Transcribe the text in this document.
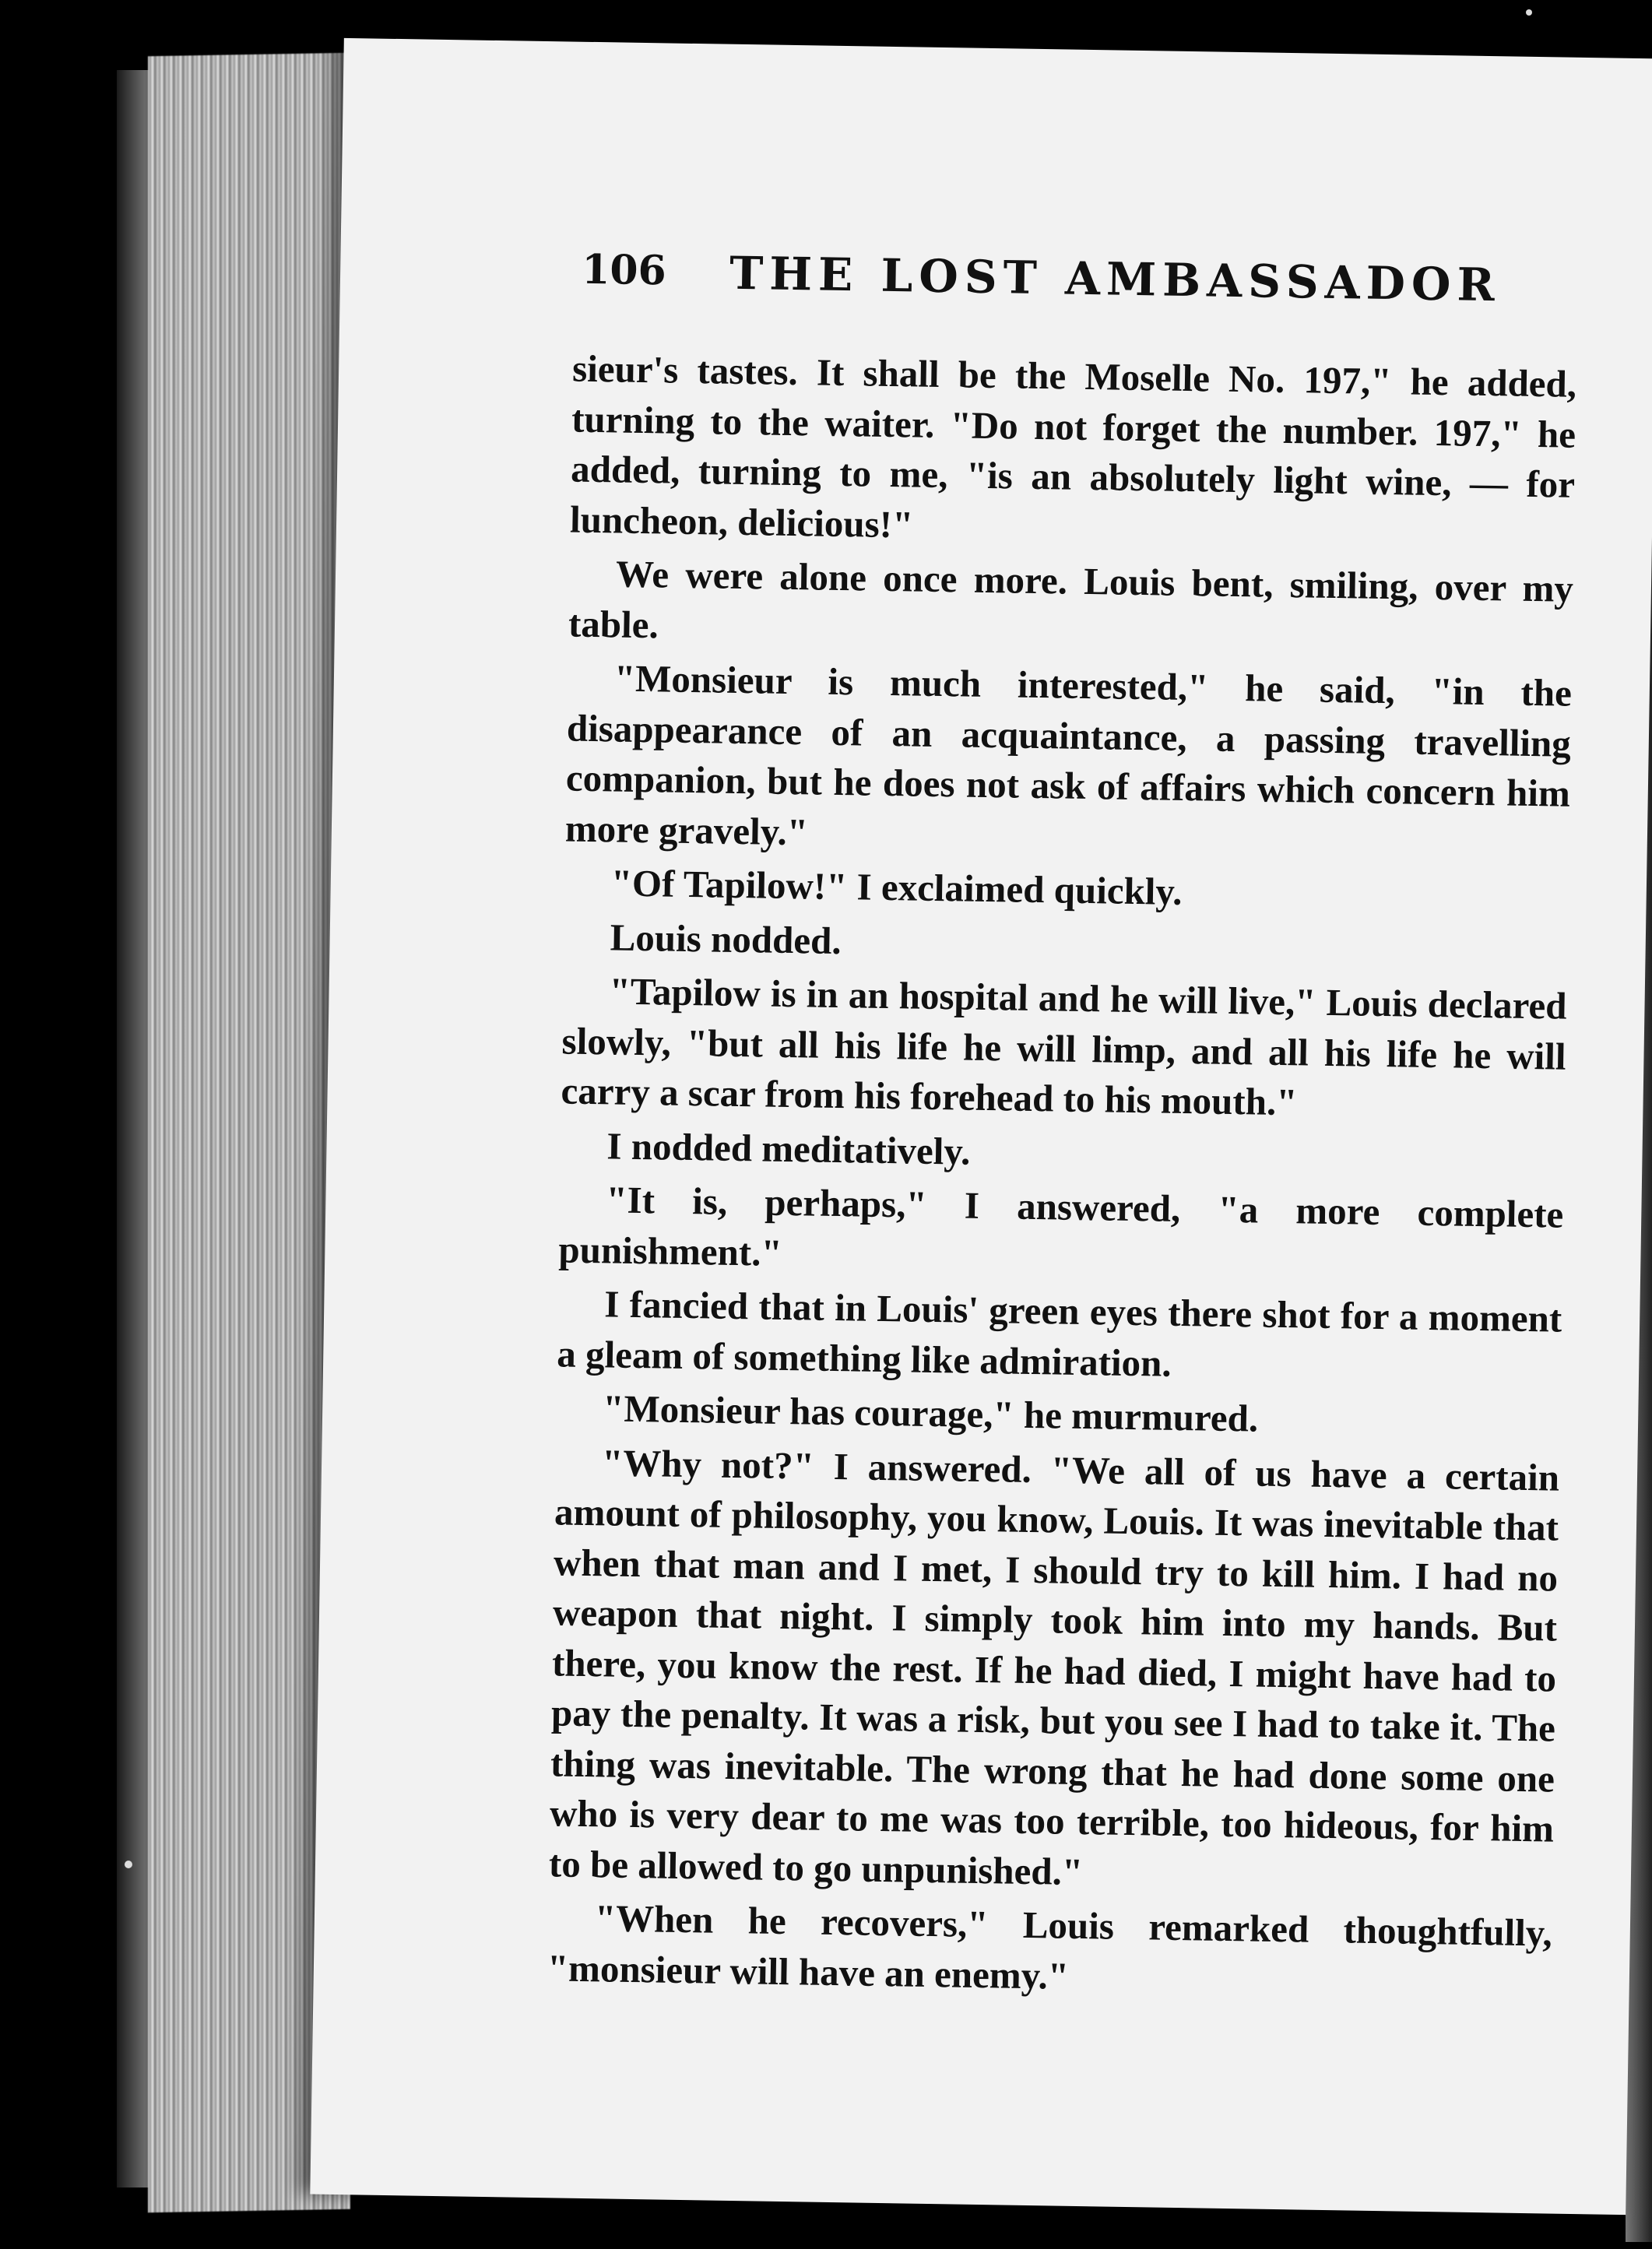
106 THE LOST AMBASSADOR

sieur's tastes. It shall be the Moselle No. 197," he added, turning to the waiter. "Do not forget the number. 197," he added, turning to me, "is an absolutely light wine, — for luncheon, delicious!"

We were alone once more. Louis bent, smiling, over my table.

"Monsieur is much interested," he said, "in the disappearance of an acquaintance, a passing travelling companion, but he does not ask of affairs which concern him more gravely."

"Of Tapilow!" I exclaimed quickly.

Louis nodded.

"Tapilow is in an hospital and he will live," Louis declared slowly, "but all his life he will limp, and all his life he will carry a scar from his forehead to his mouth."

I nodded meditatively.

"It is, perhaps," I answered, "a more complete punishment."

I fancied that in Louis' green eyes there shot for a moment a gleam of something like admiration.

"Monsieur has courage," he murmured.

"Why not?" I answered. "We all of us have a certain amount of philosophy, you know, Louis. It was inevitable that when that man and I met, I should try to kill him. I had no weapon that night. I simply took him into my hands. But there, you know the rest. If he had died, I might have had to pay the penalty. It was a risk, but you see I had to take it. The thing was inevitable. The wrong that he had done some one who is very dear to me was too terrible, too hideous, for him to be allowed to go unpunished."

"When he recovers," Louis remarked thoughtfully, "monsieur will have an enemy."
